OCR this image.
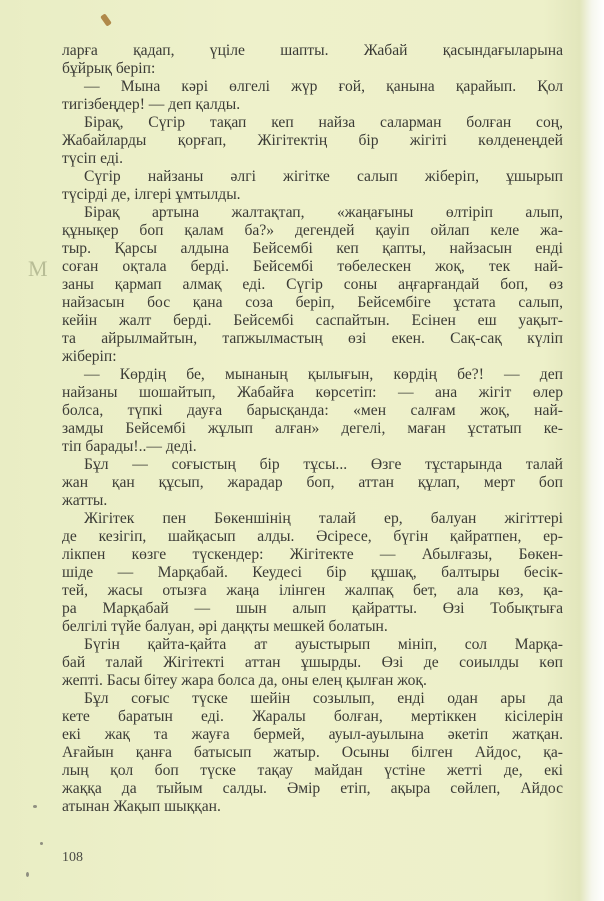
М
ларға қадап, үціле шапты. Жабай қасындағыларына
бұйрық беріп:
— Мына кәрі өлгелі жүр ғой, қанына қарайып. Қол
тигізбеңдер! — деп қалды.
Бірақ, Сүгір тақап кеп найза саларман болған соң,
Жабайларды қорғап, Жігітектің бір жігіті көлденеңдей
түсіп еді.
Сүгір найзаны әлгі жігітке салып жіберіп, ұшырып
түсірді де, ілгері ұмтылды.
Бірақ артына жалтақтап, «жаңағыны өлтіріп алып,
құнықер боп қалам ба?» дегендей қауіп ойлап келе жа-
тыр. Қарсы алдына Бейсембі кеп қапты, найзасын енді
соған оқтала берді. Бейсембі төбелескен жоқ, тек най-
заны қармап алмақ еді. Сүгір соны аңғарғандай боп, өз
найзасын бос қана соза беріп, Бейсембіге ұстата салып,
кейін жалт берді. Бейсембі саспайтын. Есінен еш уақыт-
та айрылмайтын, тапжылмастың өзі екен. Сақ-сақ күліп
жіберіп:
— Көрдің бе, мынаның қылығын, көрдің бе?! — деп
найзаны шошайтып, Жабайға көрсетіп: — ана жігіт өлер
болса, түпкі дауға барысқанда: «мен салғам жоқ, най-
замды Бейсембі жұлып алған» дегелі, маған ұстатып ке-
тіп барады!..— деді.
Бұл — соғыстың бір тұсы... Өзге тұстарында талай
жан қан құсып, жарадар боп, аттан құлап, мерт боп
жатты.
Жігітек пен Бөкеншінің талай ер, балуан жігіттері
де кезігіп, шайқасып алды. Әсіресе, бүгін қайратпен, ер-
лікпен көзге түскендер: Жігітекте — Абылғазы, Бөкен-
шіде — Марқабай. Кеудесі бір құшақ, балтыры бесік-
тей, жасы отызға жаңа ілінген жалпақ бет, ала көз, қа-
ра Марқабай — шын алып қайратты. Өзі Тобықтыға
белгілі түйе балуан, әрі даңқты мешкей болатын.
Бүгін қайта-қайта ат ауыстырып мініп, сол Марқа-
бай талай Жігітекті аттан ұшырды. Өзі де соиылды көп
жепті. Басы бітеу жара болса да, оны елең қылған жоқ.
Бұл соғыс түске шейін созылып, енді одан ары да
кете баратын еді. Жаралы болған, мертіккен кісілерін
екі жақ та жауға бермей, ауыл-ауылына әкетіп жатқан.
Ағайын қанға батысып жатыр. Осыны білген Айдос, қа-
лың қол боп түске тақау майдан үстіне жетті де, екі
жаққа да тыйым салды. Әмір етіп, ақыра сөйлеп, Айдос
атынан Жақып шыққан.
108
